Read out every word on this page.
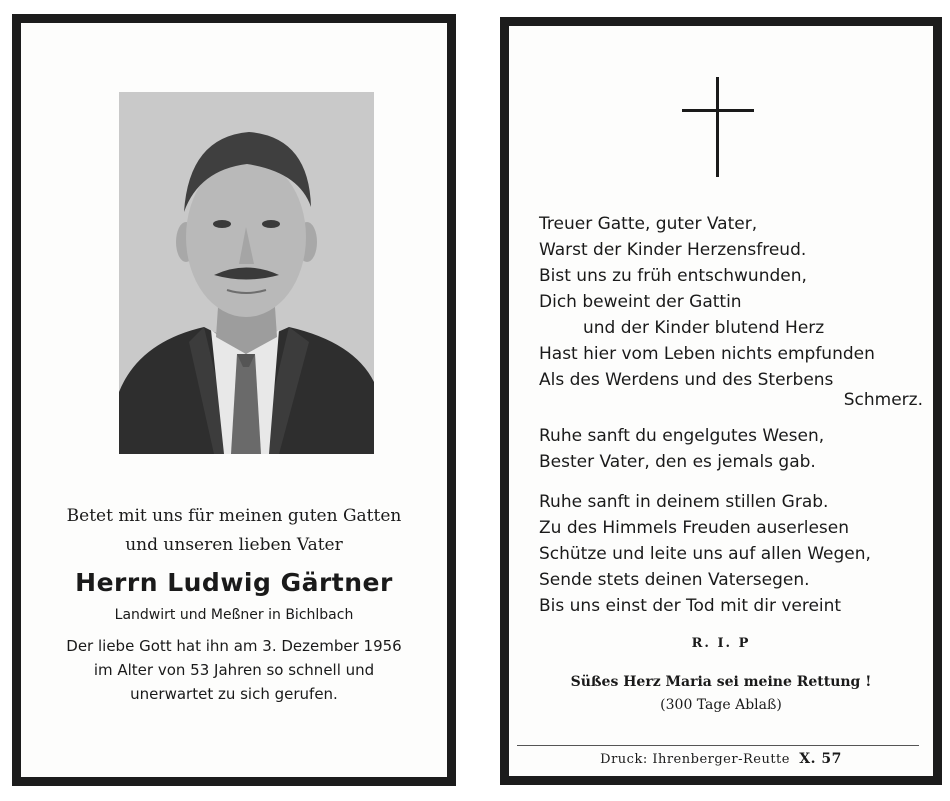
Betet mit uns für meinen guten Gatten
und unseren lieben Vater
Herrn Ludwig Gärtner
Landwirt und Meßner in Bichlbach
Der liebe Gott hat ihn am 3. Dezember 1956
im Alter von 53 Jahren so schnell und
unerwartet zu sich gerufen.
Treuer Gatte, guter Vater,
Warst der Kinder Herzensfreud.
Bist uns zu früh entschwunden,
Dich beweint der Gattin
und der Kinder blutend Herz
Hast hier vom Leben nichts empfunden
Als des Werdens und des Sterbens
Schmerz.
Ruhe sanft du engelgutes Wesen,
Bester Vater, den es jemals gab.
Ruhe sanft in deinem stillen Grab.
Zu des Himmels Freuden auserlesen
Schütze und leite uns auf allen Wegen,
Sende stets deinen Vatersegen.
Bis uns einst der Tod mit dir vereint
R. I. P
Süßes Herz Maria sei meine Rettung !
(300 Tage Ablaß)
Druck: Ihrenberger-Reutte X. 57
